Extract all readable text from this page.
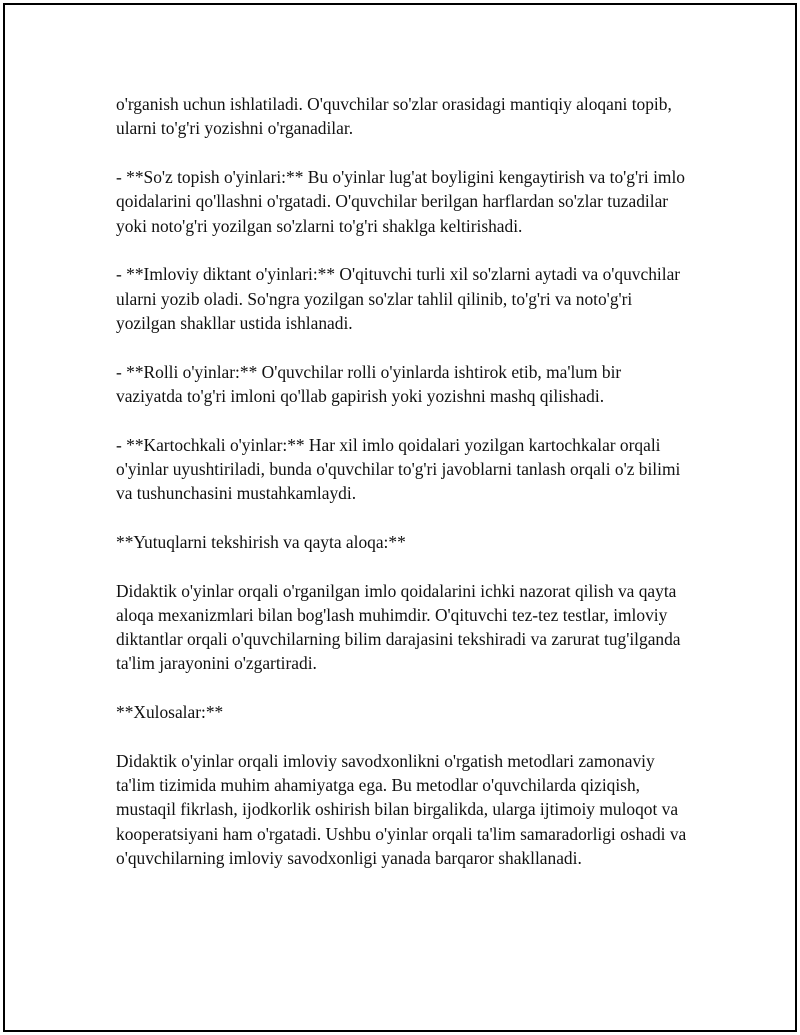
o'rganish uchun ishlatiladi. O'quvchilar so'zlar orasidagi mantiqiy aloqani topib, ularni to'g'ri yozishni o'rganadilar.

- **So'z topish o'yinlari:** Bu o'yinlar lug'at boyligini kengaytirish va to'g'ri imlo qoidalarini qo'llashni o'rgatadi. O'quvchilar berilgan harflardan so'zlar tuzadilar yoki noto'g'ri yozilgan so'zlarni to'g'ri shaklga keltirishadi.

- **Imloviy diktant o'yinlari:** O'qituvchi turli xil so'zlarni aytadi va o'quvchilar ularni yozib oladi. So'ngra yozilgan so'zlar tahlil qilinib, to'g'ri va noto'g'ri yozilgan shakllar ustida ishlanadi.

- **Rolli o'yinlar:** O'quvchilar rolli o'yinlarda ishtirok etib, ma'lum bir vaziyatda to'g'ri imloni qo'llab gapirish yoki yozishni mashq qilishadi.

- **Kartochkali o'yinlar:** Har xil imlo qoidalari yozilgan kartochkalar orqali o'yinlar uyushtiriladi, bunda o'quvchilar to'g'ri javoblarni tanlash orqali o'z bilimi va tushunchasini mustahkamlaydi.

**Yutuqlarni tekshirish va qayta aloqa:**

Didaktik o'yinlar orqali o'rganilgan imlo qoidalarini ichki nazorat qilish va qayta aloqa mexanizmlari bilan bog'lash muhimdir. O'qituvchi tez-tez testlar, imloviy diktantlar orqali o'quvchilarning bilim darajasini tekshiradi va zarurat tug'ilganda ta'lim jarayonini o'zgartiradi.

**Xulosalar:**

Didaktik o'yinlar orqali imloviy savodxonlikni o'rgatish metodlari zamonaviy ta'lim tizimida muhim ahamiyatga ega. Bu metodlar o'quvchilarda qiziqish, mustaqil fikrlash, ijodkorlik oshirish bilan birgalikda, ularga ijtimoiy muloqot va kooperatsiyani ham o'rgatadi. Ushbu o'yinlar orqali ta'lim samaradorligi oshadi va o'quvchilarning imloviy savodxonligi yanada barqaror shakllanadi.
